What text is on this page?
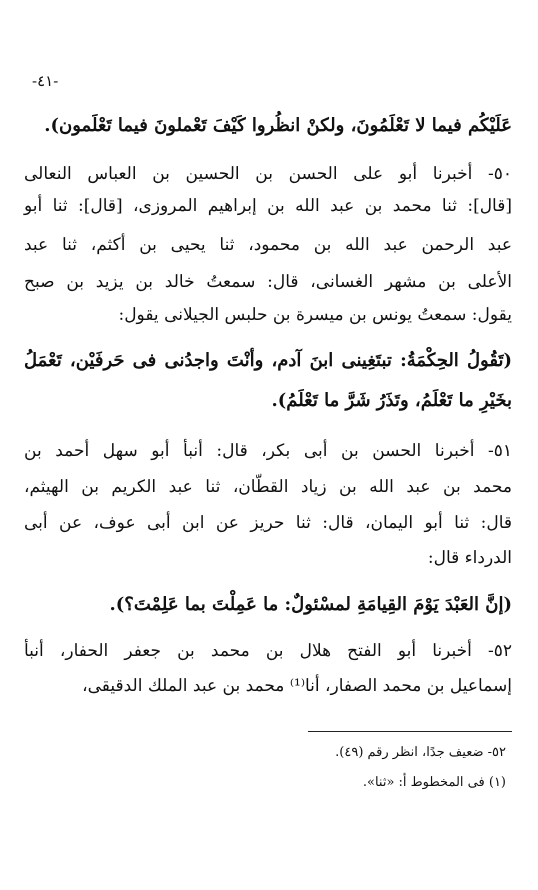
-٤١-
عَلَيْكُم فيما لا تَعْلَمُونَ، ولكنْ انظُروا كَيْفَ تَعْملونَ فيما تَعْلَمون).
٥٠- أخبرنا أبو على الحسن بن الحسين بن العباس النعالى
[قال]: ثنا محمد بن عبد الله بن إبراهيم المروزى، [قال]: ثنا أبو
عبد الرحمن عبد الله بن محمود، ثنا يحيى بن أكثم، ثنا عبد
الأعلى بن مشهر الغسانى، قال: سمعتُ خالد بن يزيد بن صبح
يقول: سمعتُ يونس بن ميسرة بن حلبس الجيلانى يقول:
(تَقُولُ الحِكْمَةُ: تبتَغِينى ابنَ آدم، وأنْتَ واجدُنى فى حَرفَيْن، تَعْمَلُ
بخَيْرِ ما تَعْلَمُ، وتَذَرُ شَرَّ ما تَعْلَمُ).
٥١- أخبرنا الحسن بن أبى بكر، قال: أنبأ أبو سهل أحمد بن
محمد بن عبد الله بن زياد القطّان، ثنا عبد الكريم بن الهيثم،
قال: ثنا أبو اليمان، قال: ثنا حريز عن ابن أبى عوف، عن أبى
الدرداء قال:
(إنَّ العَبْدَ يَوْمَ القِيامَةِ لمسْئولٌ: ما عَمِلْتَ بما عَلِمْتَ؟).
٥٢- أخبرنا أبو الفتح هلال بن محمد بن جعفر الحفار، أنبأ
إسماعيل بن محمد الصفار، أنا⁽¹⁾ محمد بن عبد الملك الدقيقى،
٥٢- ضعيف جدًا، انظر رقم (٤٩).
(١) فى المخطوط أ: «ثنا».
